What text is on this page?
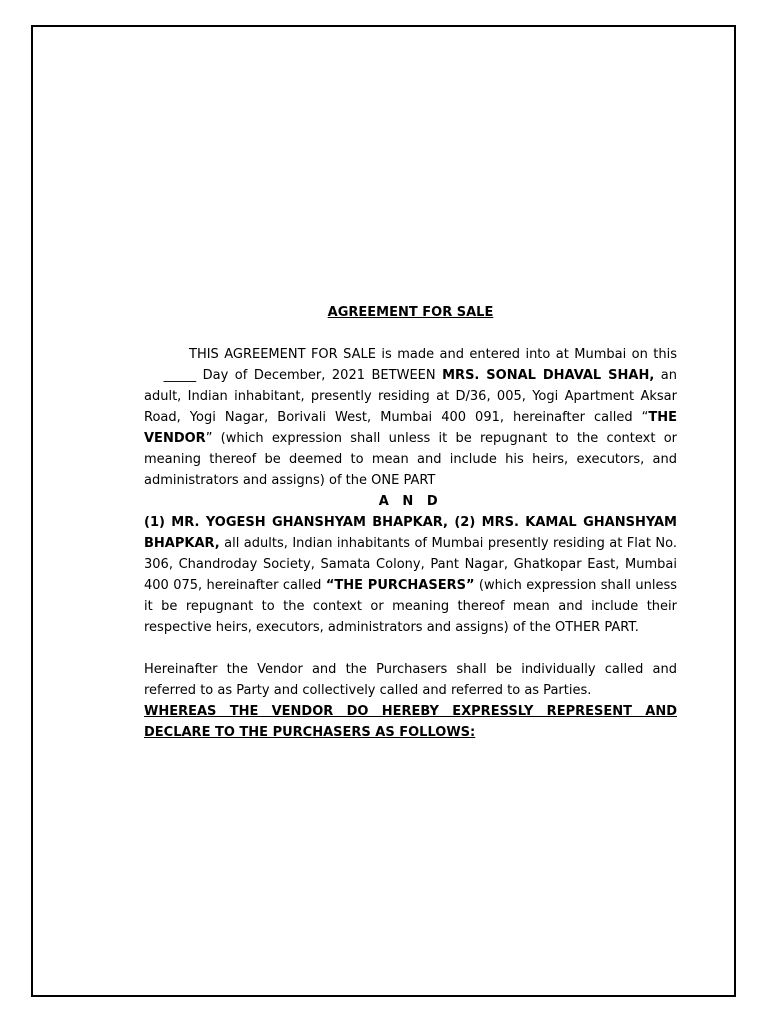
AGREEMENT FOR SALE

THIS AGREEMENT FOR SALE is made and entered into at Mumbai on this    _____ Day of December, 2021 BETWEEN MRS. SONAL DHAVAL SHAH, an adult, Indian inhabitant, presently residing at D/36, 005, Yogi Apartment Aksar Road, Yogi Nagar, Borivali West, Mumbai 400 091, hereinafter called “THE VENDOR” (which expression shall unless it be repugnant to the context or meaning thereof be deemed to mean and include his heirs, executors, and administrators and assigns) of the ONE PART

A N D

(1) MR. YOGESH GHANSHYAM BHAPKAR, (2) MRS. KAMAL GHANSHYAM BHAPKAR, all adults, Indian inhabitants of Mumbai presently residing at Flat No. 306, Chandroday Society, Samata Colony, Pant Nagar, Ghatkopar East, Mumbai 400 075, hereinafter called “THE PURCHASERS” (which expression shall unless it be repugnant to the context or meaning thereof mean and include their respective heirs, executors, administrators and assigns) of the OTHER PART.

Hereinafter the Vendor and the Purchasers shall be individually called and referred to as Party and collectively called and referred to as Parties.

WHEREAS THE VENDOR DO HEREBY EXPRESSLY REPRESENT AND DECLARE TO THE PURCHASERS AS FOLLOWS:
